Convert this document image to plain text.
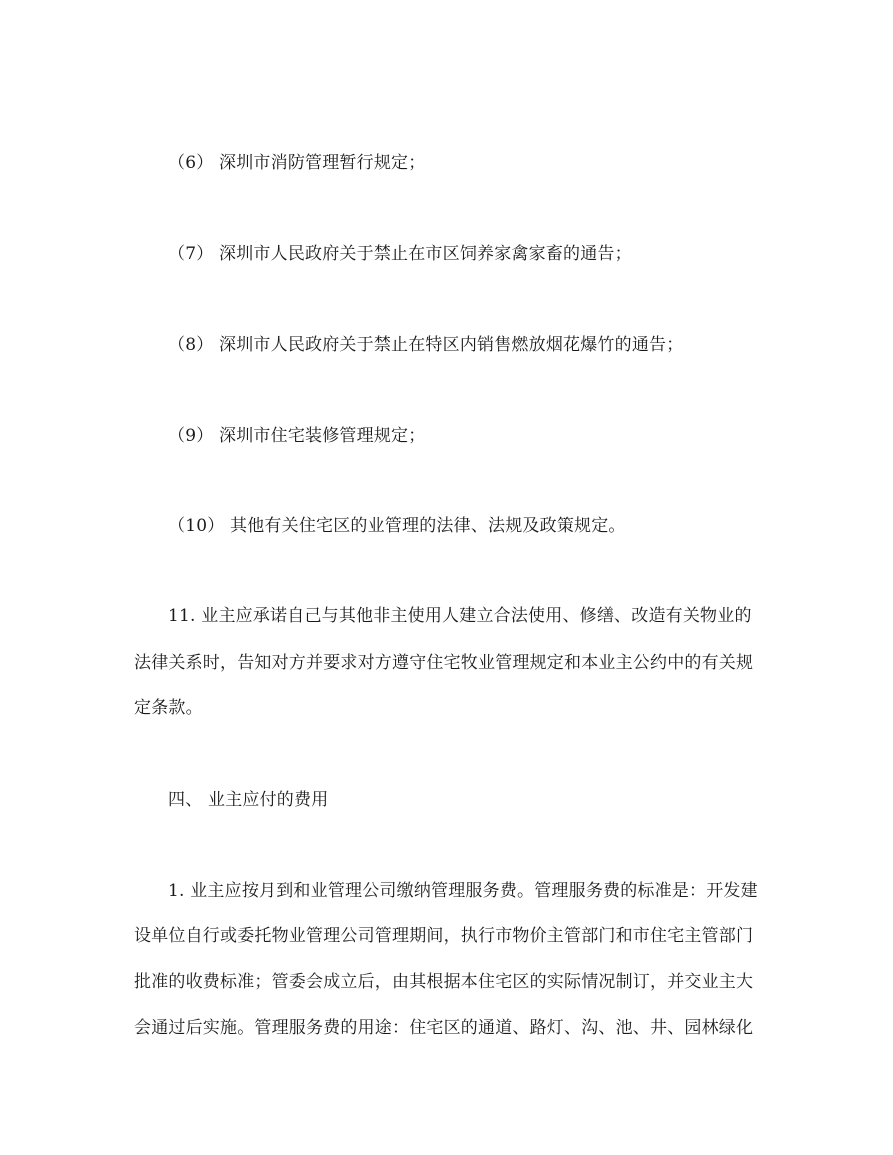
（6） 深圳市消防管理暂行规定；
（7） 深圳市人民政府关于禁止在市区饲养家禽家畜的通告；
（8） 深圳市人民政府关于禁止在特区内销售燃放烟花爆竹的通告；
（9） 深圳市住宅装修管理规定；
（10） 其他有关住宅区的业管理的法律、法规及政策规定。
11. 业主应承诺自己与其他非主使用人建立合法使用、修缮、改造有关物业的
法律关系时，告知对方并要求对方遵守住宅牧业管理规定和本业主公约中的有关规
定条款。
四、 业主应付的费用
1. 业主应按月到和业管理公司缴纳管理服务费。管理服务费的标准是：开发建
设单位自行或委托物业管理公司管理期间，执行市物价主管部门和市住宅主管部门
批准的收费标准；管委会成立后，由其根据本住宅区的实际情况制订，并交业主大
会通过后实施。管理服务费的用途：住宅区的通道、路灯、沟、池、井、园林绿化
